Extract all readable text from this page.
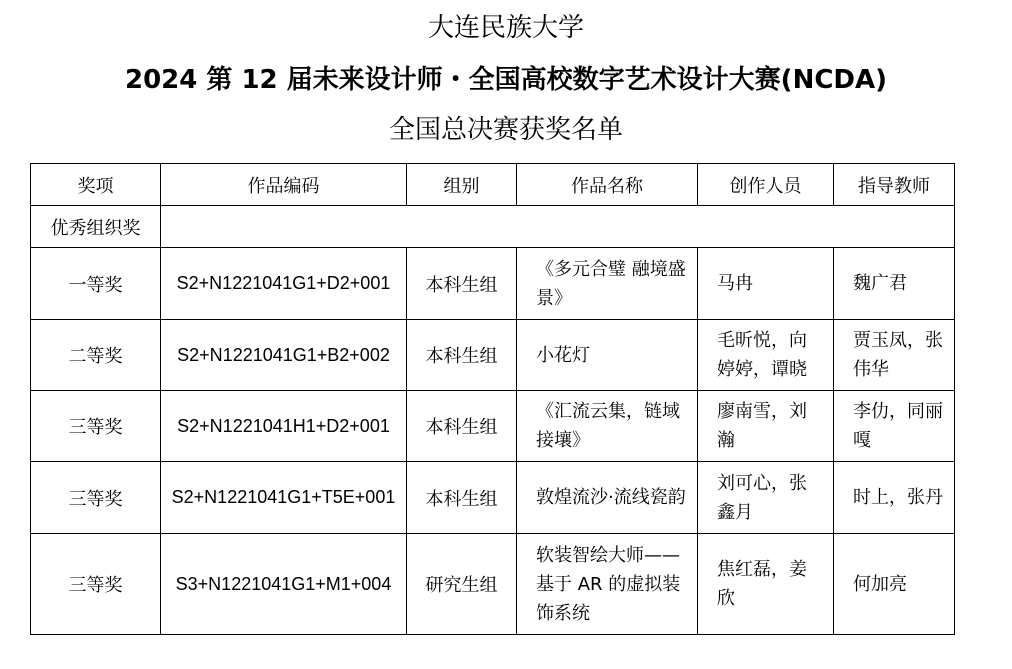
大连民族大学
2024 第 12 届未来设计师・全国高校数字艺术设计大赛(NCDA)
全国总决赛获奖名单
奖项	作品编码	组别	作品名称	创作人员	指导教师
优秀组织奖					
一等奖	S2+N1221041G1+D2+001	本科生组	《多元合璧 融境盛景》	马冉	魏广君
二等奖	S2+N1221041G1+B2+002	本科生组	小花灯	毛昕悦，向婷婷，谭晓	贾玉凤，张伟华
三等奖	S2+N1221041H1+D2+001	本科生组	《汇流云集，链域接壤》	廖南雪，刘瀚	李仂，同丽嘎
三等奖	S2+N1221041G1+T5E+001	本科生组	敦煌流沙·流线瓷韵	刘可心，张鑫月	时上，张丹
三等奖	S3+N1221041G1+M1+004	研究生组	软装智绘大师——基于 AR 的虚拟装饰系统	焦红磊，姜欣	何加亮
